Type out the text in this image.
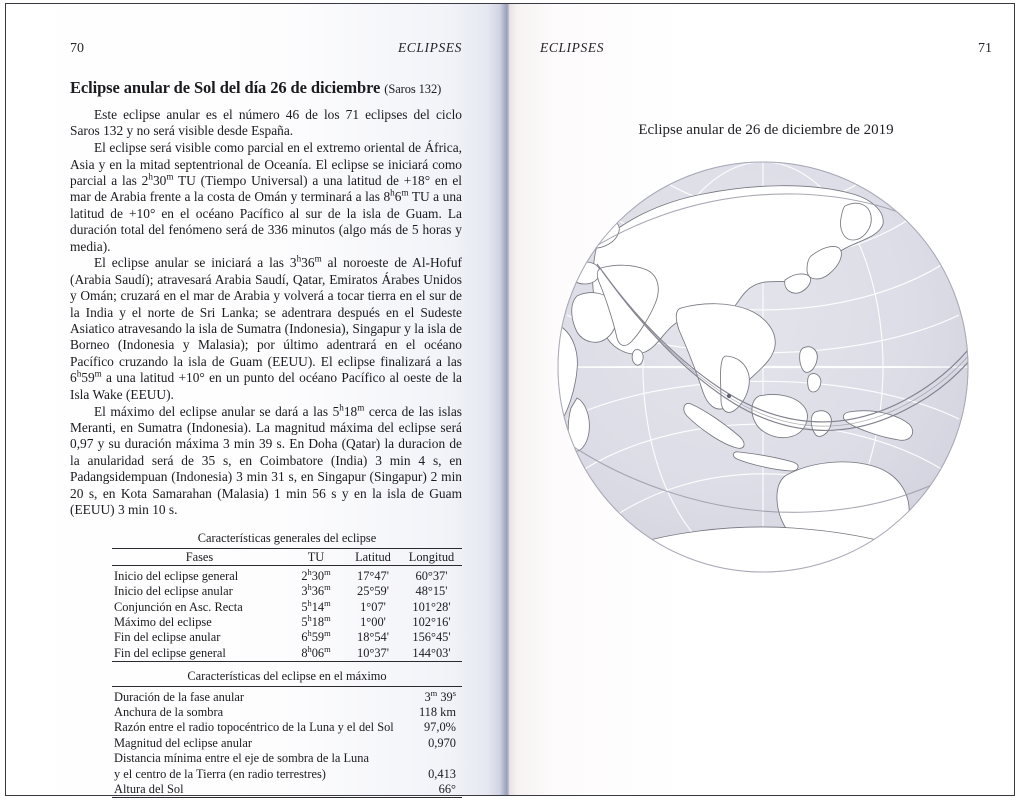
70	ECLIPSES
Eclipse anular de Sol del día 26 de diciembre (Saros 132)

Este eclipse anular es el número 46 de los 71 eclipses del ciclo Saros 132 y no será visible desde España.

El eclipse será visible como parcial en el extremo oriental de África, Asia y en la mitad septentrional de Oceanía. El eclipse se iniciará como parcial a las 2$^h$30$^m$ TU (Tiempo Universal) a una latitud de +18° en el mar de Arabia frente a la costa de Omán y terminará a las 8$^h$6$^m$ TU a una latitud de +10° en el océano Pacífico al sur de la isla de Guam. La duración total del fenómeno será de 336 minutos (algo más de 5 horas y media).

El eclipse anular se iniciará a las 3$^h$36$^m$ al noroeste de Al-Hofuf (Arabia Saudí); atravesará Arabia Saudí, Qatar, Emiratos Árabes Unidos y Omán; cruzará en el mar de Arabia y volverá a tocar tierra en el sur de la India y el norte de Sri Lanka; se adentrara después en el Sudeste Asiatico atravesando la isla de Sumatra (Indonesia), Singapur y la isla de Borneo (Indonesia y Malasia); por último adentrará en el océano Pacífico cruzando la isla de Guam (EEUU). El eclipse finalizará a las 6$^h$59$^m$ a una latitud +10° en un punto del océano Pacífico al oeste de la Isla Wake (EEUU).

El máximo del eclipse anular se dará a las 5$^h$18$^m$ cerca de las islas Meranti, en Sumatra (Indonesia). La magnitud máxima del eclipse será 0,97 y su duración máxima 3 min 39 s. En Doha (Qatar) la duracion de la anularidad será de 35 s, en Coimbatore (India) 3 min 4 s, en Padangsidempuan (Indonesia) 3 min 31 s, en Singapur (Singapur) 2 min 20 s, en Kota Samarahan (Malasia) 1 min 56 s y en la isla de Guam (EEUU) 3 min 10 s.

Características generales del eclipse
Fases	TU	Latitud	Longitud
Inicio del eclipse general	2$^h$30$^m$	17°47'	60°37'
Inicio del eclipse anular	3$^h$36$^m$	25°59'	48°15'
Conjunción en Asc. Recta	5$^h$14$^m$	1°07'	101°28'
Máximo del eclipse	5$^h$18$^m$	1°00'	102°16'
Fin del eclipse anular	6$^h$59$^m$	18°54'	156°45'
Fin del eclipse general	8$^h$06$^m$	10°37'	144°03'
Características del eclipse en el máximo
Duración de la fase anular	3$^m$ 39$^s$
Anchura de la sombra	118 km
Razón entre el radio topocéntrico de la Luna y el del Sol	97,0%
Magnitud del eclipse anular	0,970
Distancia mínima entre el eje de sombra de la Luna	
y el centro de la Tierra (en radio terrestres)	0,413
Altura del Sol	66°
ECLIPSES	71
Eclipse anular de 26 de diciembre de 2019
